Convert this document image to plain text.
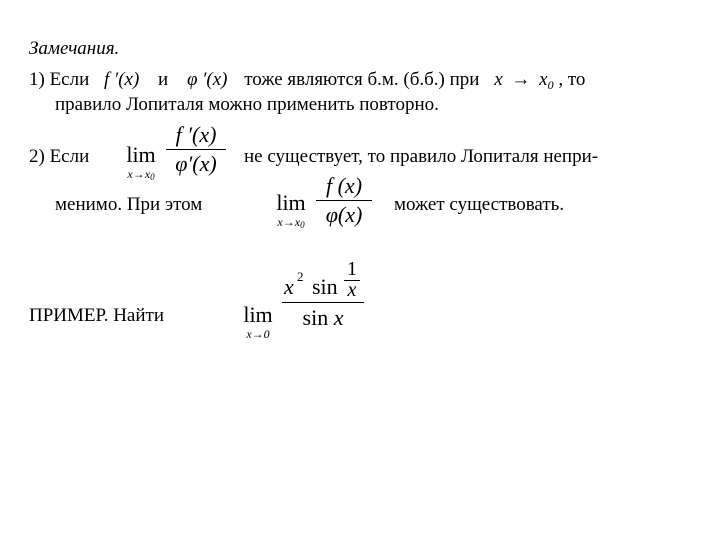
Замечания.
1) Если f ′(x) и φ ′(x) тоже являются б.м. (б.б.) при $x \to x_0$ , то
правило Лопиталя можно применить повторно.
2) Если	lim
x→x0
f ′(x)
φ′(x)	не существует, то правило Лопиталя непри-
менимо. При этом	lim
x→x0
f (x)
φ(x)	может существовать.
ПРИМЕР. Найти	lim
x→0
x 2 sin
1
x
sin x
